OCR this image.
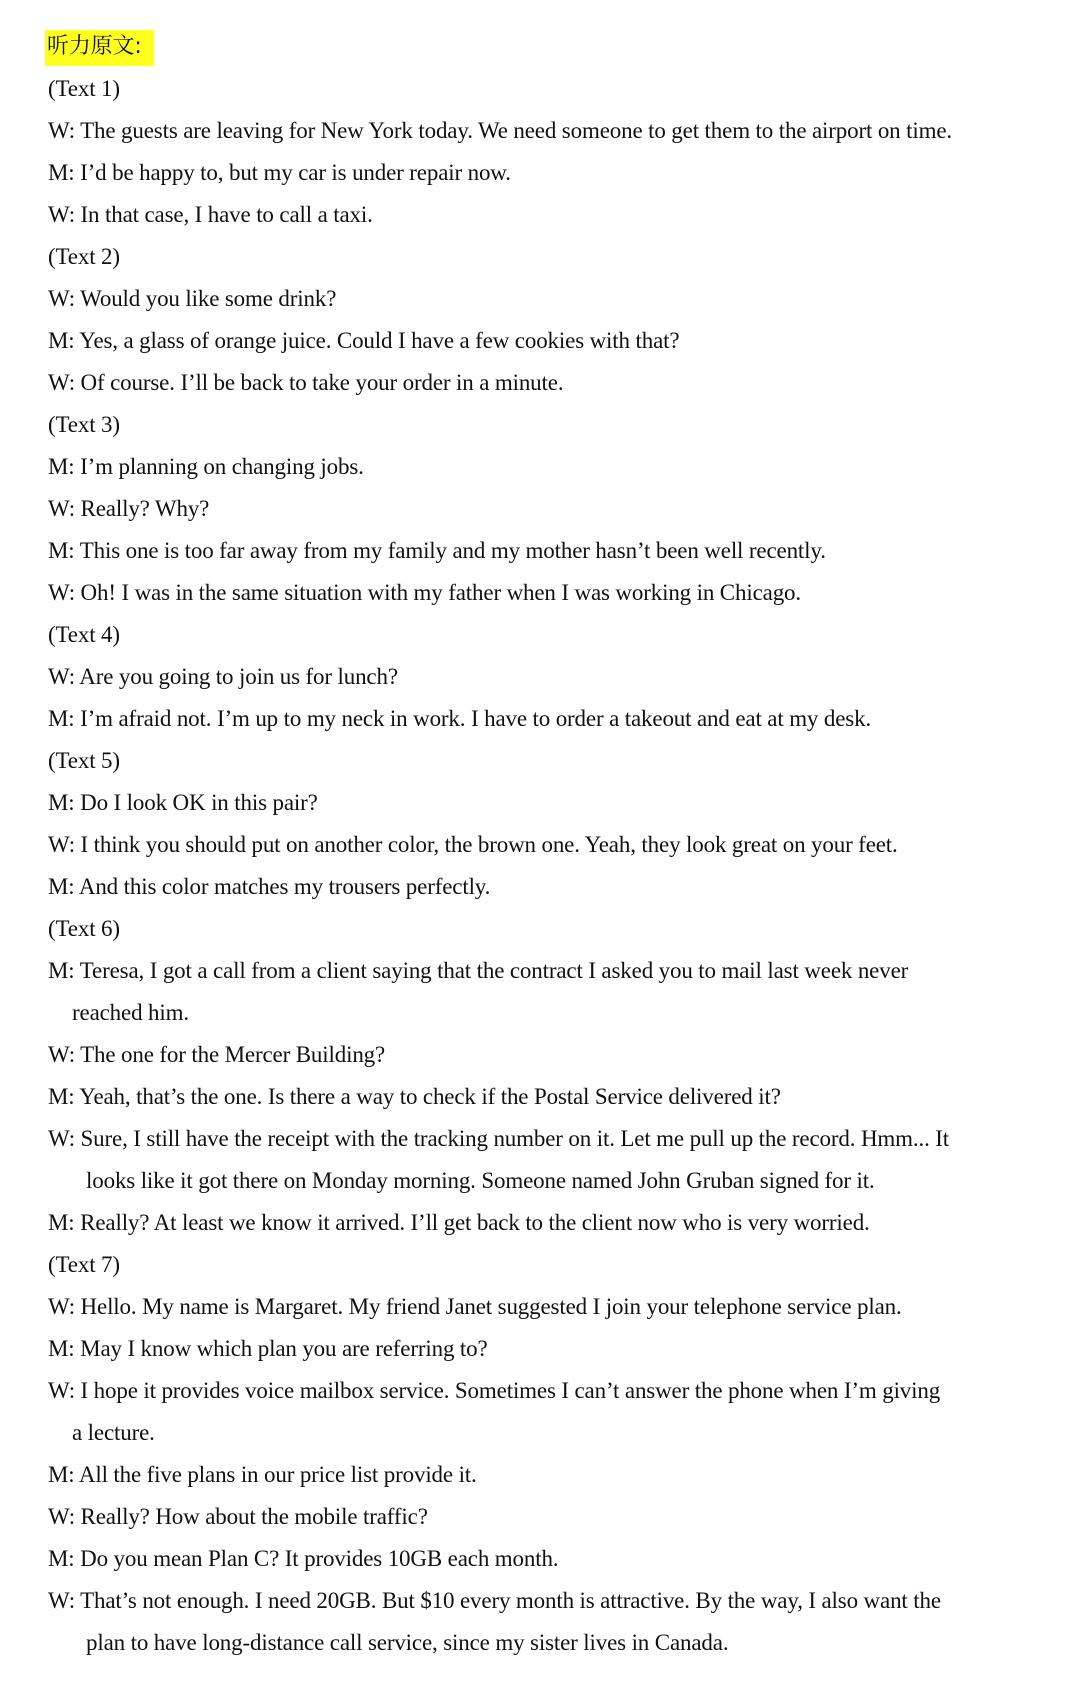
听力原文:
(Text 1)
W: The guests are leaving for New York today. We need someone to get them to the airport on time.
M: I’d be happy to, but my car is under repair now.
W: In that case, I have to call a taxi.
(Text 2)
W: Would you like some drink?
M: Yes, a glass of orange juice. Could I have a few cookies with that?
W: Of course. I’ll be back to take your order in a minute.
(Text 3)
M: I’m planning on changing jobs.
W: Really? Why?
M: This one is too far away from my family and my mother hasn’t been well recently.
W: Oh! I was in the same situation with my father when I was working in Chicago.
(Text 4)
W: Are you going to join us for lunch?
M: I’m afraid not. I’m up to my neck in work. I have to order a takeout and eat at my desk.
(Text 5)
M: Do I look OK in this pair?
W: I think you should put on another color, the brown one. Yeah, they look great on your feet.
M: And this color matches my trousers perfectly.
(Text 6)
M: Teresa, I got a call from a client saying that the contract I asked you to mail last week never
reached him.
W: The one for the Mercer Building?
M: Yeah, that’s the one. Is there a way to check if the Postal Service delivered it?
W: Sure, I still have the receipt with the tracking number on it. Let me pull up the record. Hmm... It
looks like it got there on Monday morning. Someone named John Gruban signed for it.
M: Really? At least we know it arrived. I’ll get back to the client now who is very worried.
(Text 7)
W: Hello. My name is Margaret. My friend Janet suggested I join your telephone service plan.
M: May I know which plan you are referring to?
W: I hope it provides voice mailbox service. Sometimes I can’t answer the phone when I’m giving
a lecture.
M: All the five plans in our price list provide it.
W: Really? How about the mobile traffic?
M: Do you mean Plan C? It provides 10GB each month.
W: That’s not enough. I need 20GB. But $10 every month is attractive. By the way, I also want the
plan to have long-distance call service, since my sister lives in Canada.
